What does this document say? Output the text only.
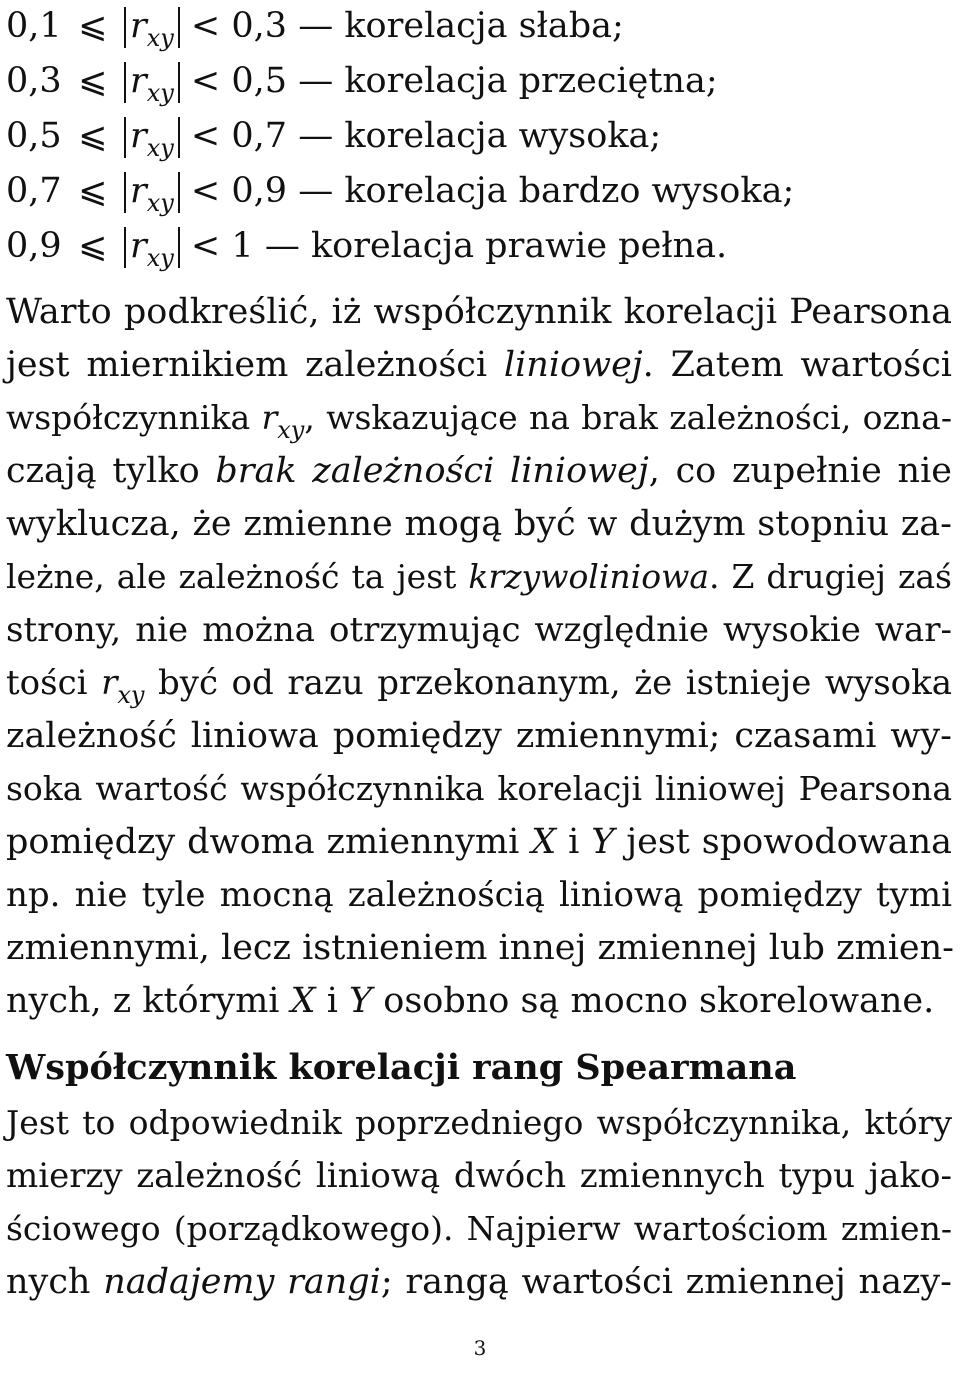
0,1 ⩽ $r_{xy} < 0,3$ — korelacja słaba;
0,3 ⩽ $r_{xy} < 0,5$ — korelacja przeciętna;
0,5 ⩽ $r_{xy} < 0,7$ — korelacja wysoka;
0,7 ⩽ $r_{xy} < 0,9$ — korelacja bardzo wysoka;
0,9 ⩽ $r_{xy} < 1$ — korelacja prawie pełna.
Warto podkreślić, iż współczynnik korelacji Pearsona
jest miernikiem zależności liniowej. Zatem wartości
współczynnika $r_{xy}$, wskazujące na brak zależności, ozna-
czają tylko brak zależności liniowej, co zupełnie nie
wyklucza, że zmienne mogą być w dużym stopniu za-
leżne, ale zależność ta jest krzywoliniowa. Z drugiej zaś
strony, nie można otrzymując względnie wysokie war-
tości $r_{xy}$ być od razu przekonanym, że istnieje wysoka
zależność liniowa pomiędzy zmiennymi; czasami wy-
soka wartość współczynnika korelacji liniowej Pearsona
pomiędzy dwoma zmiennymi X i Y jest spowodowana
np. nie tyle mocną zależnością liniową pomiędzy tymi
zmiennymi, lecz istnieniem innej zmiennej lub zmien-
nych, z którymi X i Y osobno są mocno skorelowane.
Współczynnik korelacji rang Spearmana
Jest to odpowiednik poprzedniego współczynnika, który
mierzy zależność liniową dwóch zmiennych typu jako-
ściowego (porządkowego). Najpierw wartościom zmien-
nych nadajemy rangi; rangą wartości zmiennej nazy-
3
